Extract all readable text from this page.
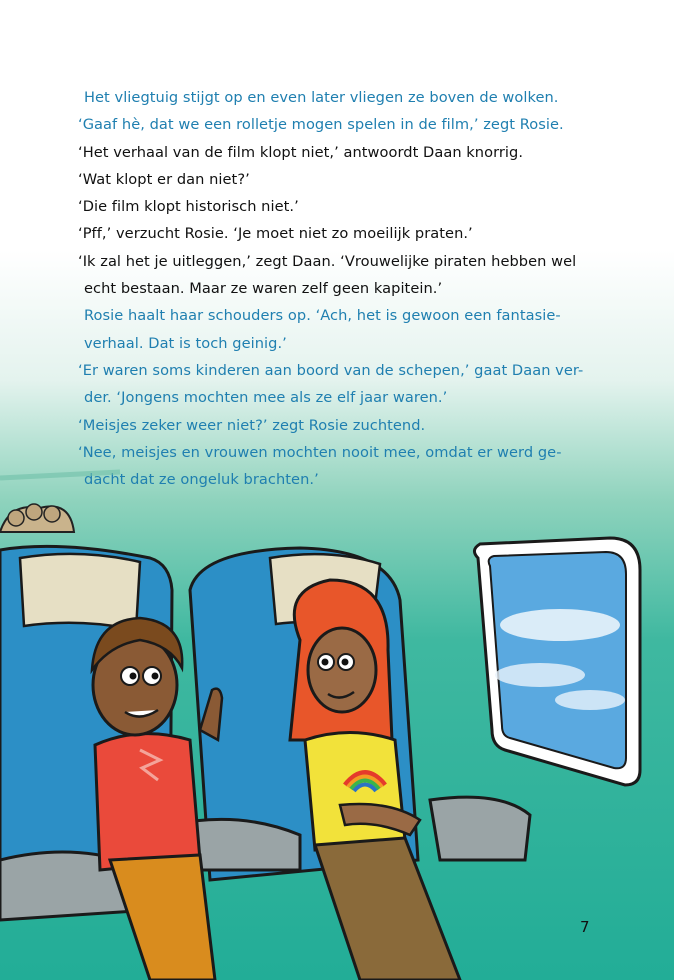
Het vliegtuig stijgt op en even later vliegen ze boven de wolken.
‘Gaaf hè, dat we een rolletje mogen spelen in de film,’ zegt Rosie.
‘Het verhaal van de film klopt niet,’ antwoordt Daan knorrig.
‘Wat klopt er dan niet?’
‘Die film klopt historisch niet.’
‘Pff,’ verzucht Rosie. ‘Je moet niet zo moeilijk praten.’
‘Ik zal het je uitleggen,’ zegt Daan. ‘Vrouwelijke piraten hebben wel
echt bestaan. Maar ze waren zelf geen kapitein.’
Rosie haalt haar schouders op. ‘Ach, het is gewoon een fantasie-
verhaal. Dat is toch geinig.’
‘Er waren soms kinderen aan boord van de schepen,’ gaat Daan ver-
der. ‘Jongens mochten mee als ze elf jaar waren.’
‘Meisjes zeker weer niet?’ zegt Rosie zuchtend.
‘Nee, meisjes en vrouwen mochten nooit mee, omdat er werd ge-
dacht dat ze ongeluk brachten.’
7
